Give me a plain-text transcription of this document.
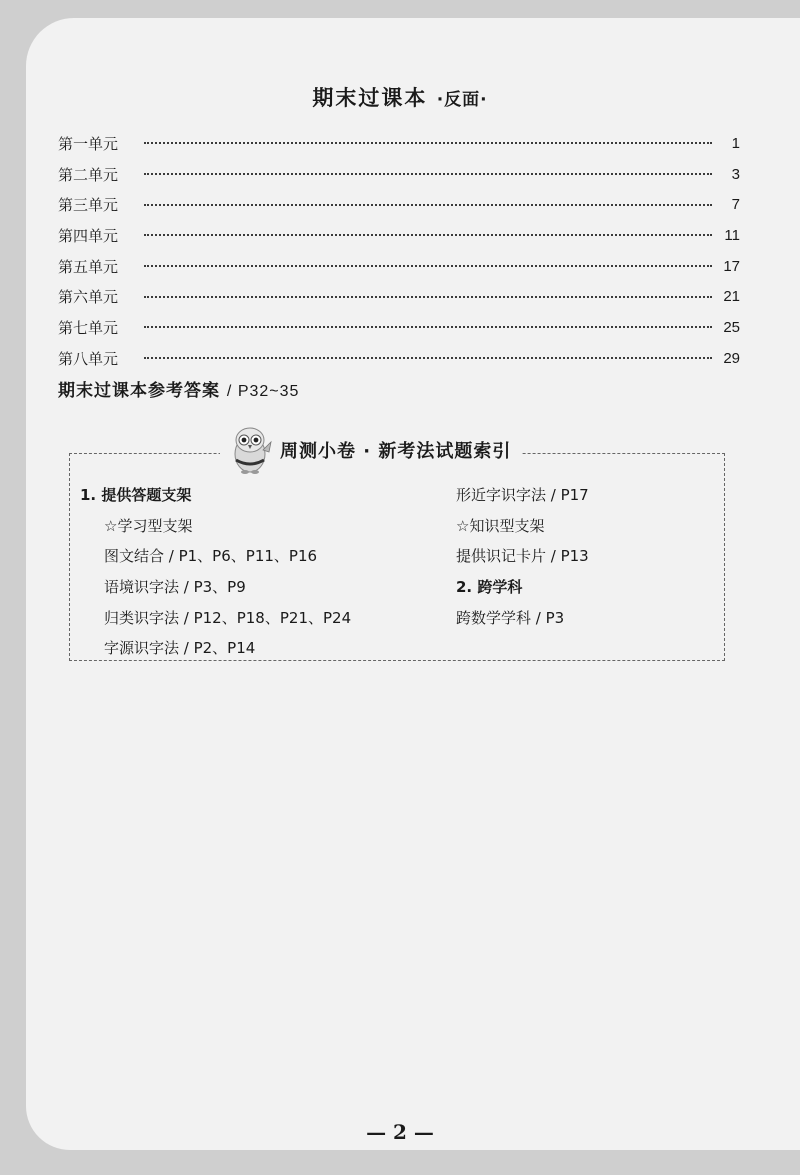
期末过课本 ·反面·
第一单元	1
第二单元	3
第三单元	7
第四单元	11
第五单元	17
第六单元	21
第七单元	25
第八单元	29
期末过课本参考答案 / P32~35
周测小卷 · 新考法试题索引
1. 提供答题支架
☆学习型支架
图文结合 / P1、P6、P11、P16
语境识字法 / P3、P9
归类识字法 / P12、P18、P21、P24
字源识字法 / P2、P14
形近字识字法 / P17
☆知识型支架
提供识记卡片 / P13
2. 跨学科
跨数学学科 / P3
— 2 —
